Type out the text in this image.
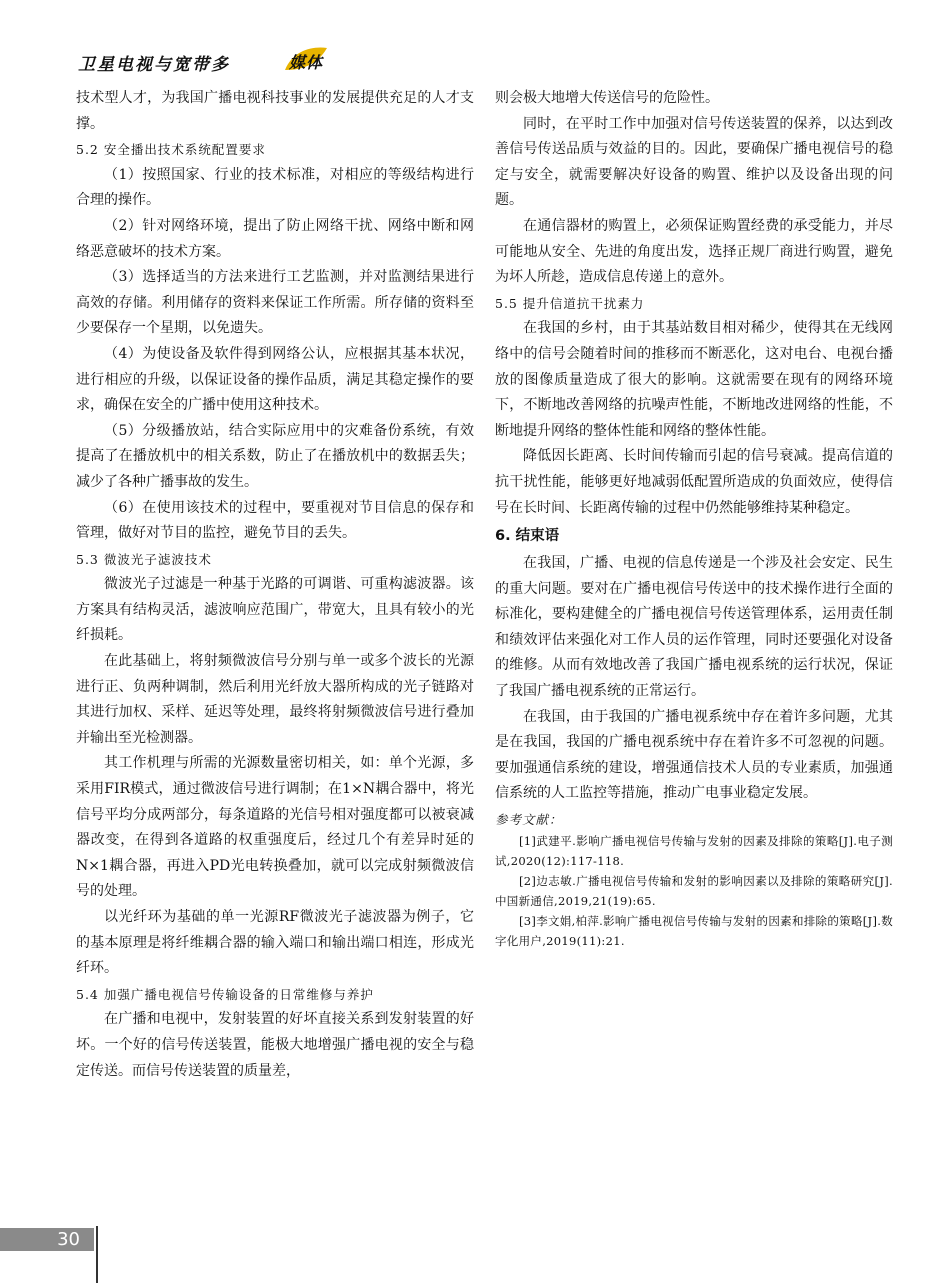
卫星电视与宽带多	媒体

技术型人才，为我国广播电视科技事业的发展提供充足的人才支撑。

5.2 安全播出技术系统配置要求

（1）按照国家、行业的技术标准，对相应的等级结构进行合理的操作。

（2）针对网络环境，提出了防止网络干扰、网络中断和网络恶意破坏的技术方案。

（3）选择适当的方法来进行工艺监测，并对监测结果进行高效的存储。利用储存的资料来保证工作所需。所存储的资料至少要保存一个星期，以免遗失。

（4）为使设备及软件得到网络公认，应根据其基本状况，进行相应的升级，以保证设备的操作品质，满足其稳定操作的要求，确保在安全的广播中使用这种技术。

（5）分级播放站，结合实际应用中的灾难备份系统，有效提高了在播放机中的相关系数，防止了在播放机中的数据丢失；减少了各种广播事故的发生。

（6）在使用该技术的过程中，要重视对节目信息的保存和管理，做好对节目的监控，避免节目的丢失。

5.3 微波光子滤波技术

微波光子过滤是一种基于光路的可调谐、可重构滤波器。该方案具有结构灵活，滤波响应范围广，带宽大，且具有较小的光纤损耗。

在此基础上，将射频微波信号分别与单一或多个波长的光源进行正、负两种调制，然后利用光纤放大器所构成的光子链路对其进行加权、采样、延迟等处理，最终将射频微波信号进行叠加并输出至光检测器。

其工作机理与所需的光源数量密切相关，如：单个光源，多采用FIR模式，通过微波信号进行调制；在1×N耦合器中，将光信号平均分成两部分，每条道路的光信号相对强度都可以被衰减器改变，在得到各道路的权重强度后，经过几个有差异时延的N×1耦合器，再进入PD光电转换叠加，就可以完成射频微波信号的处理。

以光纤环为基础的单一光源RF微波光子滤波器为例子，它的基本原理是将纤维耦合器的输入端口和输出端口相连，形成光纤环。

5.4 加强广播电视信号传输设备的日常维修与养护

在广播和电视中，发射装置的好坏直接关系到发射装置的好坏。一个好的信号传送装置，能极大地增强广播电视的安全与稳定传送。而信号传送装置的质量差，

则会极大地增大传送信号的危险性。

同时，在平时工作中加强对信号传送装置的保养，以达到改善信号传送品质与效益的目的。因此，要确保广播电视信号的稳定与安全，就需要解决好设备的购置、维护以及设备出现的问题。

在通信器材的购置上，必须保证购置经费的承受能力，并尽可能地从安全、先进的角度出发，选择正规厂商进行购置，避免为坏人所趁，造成信息传递上的意外。

5.5 提升信道抗干扰素力

在我国的乡村，由于其基站数目相对稀少，使得其在无线网络中的信号会随着时间的推移而不断恶化，这对电台、电视台播放的图像质量造成了很大的影响。这就需要在现有的网络环境下，不断地改善网络的抗噪声性能，不断地改进网络的性能，不断地提升网络的整体性能和网络的整体性能。

降低因长距离、长时间传输而引起的信号衰减。提高信道的抗干扰性能，能够更好地减弱低配置所造成的负面效应，使得信号在长时间、长距离传输的过程中仍然能够维持某种稳定。

6. 结束语

在我国，广播、电视的信息传递是一个涉及社会安定、民生的重大问题。要对在广播电视信号传送中的技术操作进行全面的标准化，要构建健全的广播电视信号传送管理体系，运用责任制和绩效评估来强化对工作人员的运作管理，同时还要强化对设备的维修。从而有效地改善了我国广播电视系统的运行状况，保证了我国广播电视系统的正常运行。

在我国，由于我国的广播电视系统中存在着许多问题，尤其是在我国，我国的广播电视系统中存在着许多不可忽视的问题。要加强通信系统的建设，增强通信技术人员的专业素质，加强通信系统的人工监控等措施，推动广电事业稳定发展。

参考文献：

[1]武建平.影响广播电视信号传输与发射的因素及排除的策略[J].电子测试,2020(12):117-118.

[2]边志敏.广播电视信号传输和发射的影响因素以及排除的策略研究[J].中国新通信,2019,21(19):65.

[3]李文娟,柏萍.影响广播电视信号传输与发射的因素和排除的策略[J].数字化用户,2019(11):21.

30
